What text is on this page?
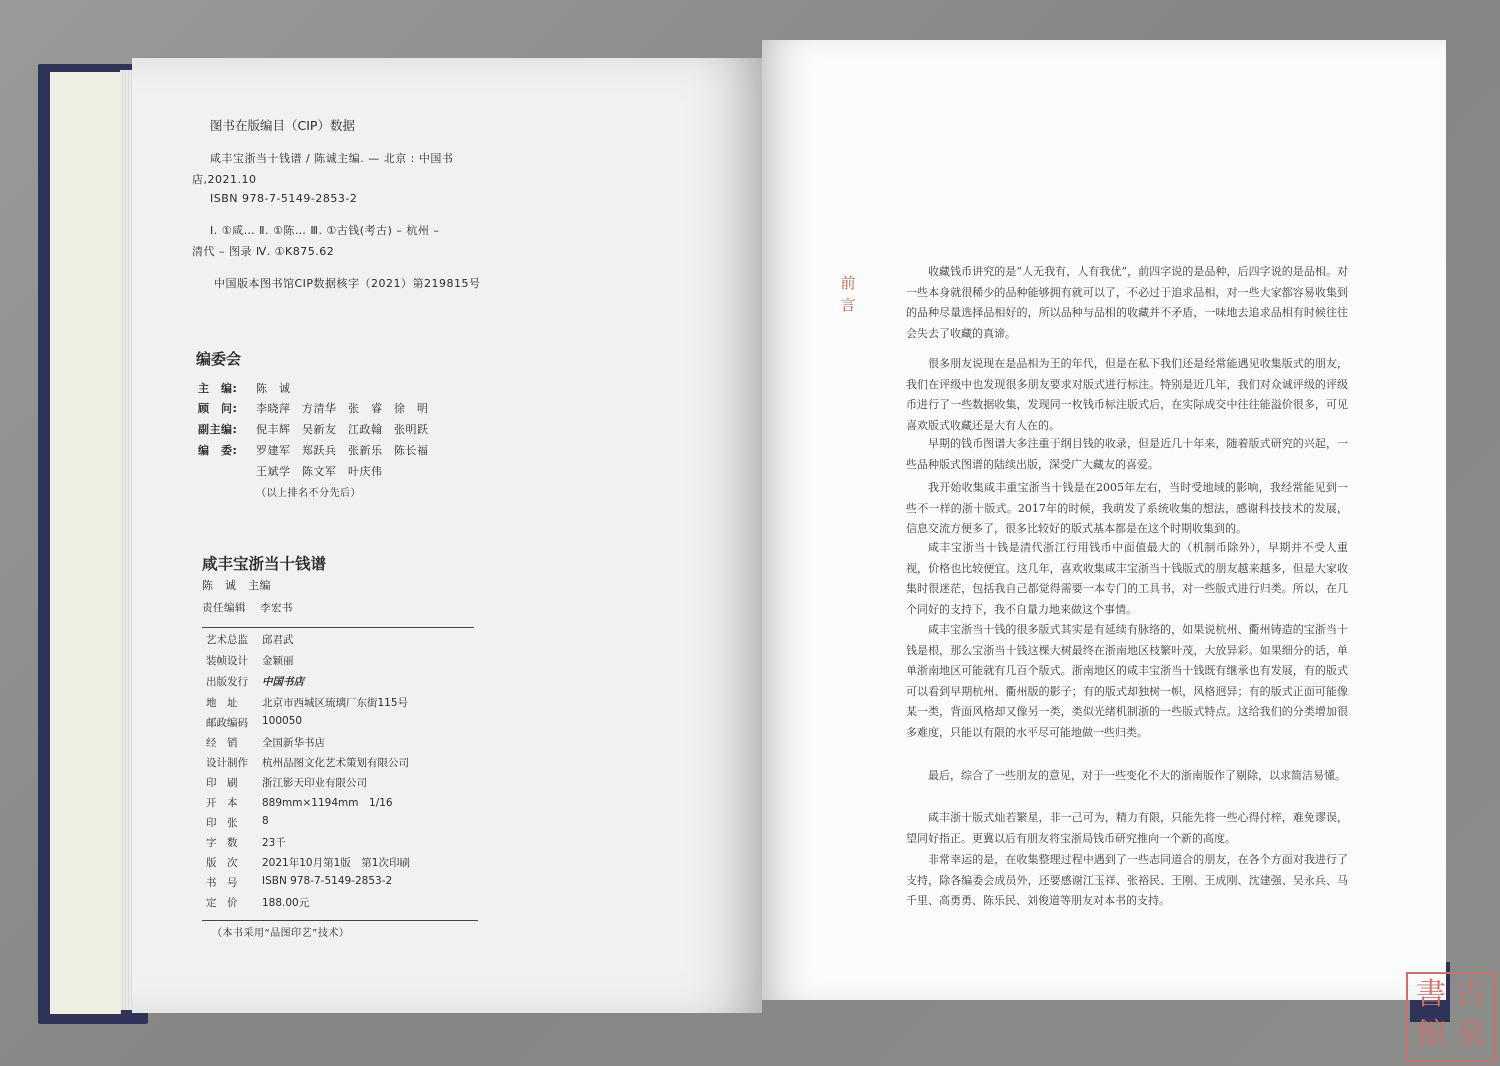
图书在版编目（CIP）数据
咸丰宝浙当十钱谱 / 陈诚主编. — 北京 : 中国书
店,2021.10
ISBN 978-7-5149-2853-2
Ⅰ. ①咸… Ⅱ. ①陈… Ⅲ. ①古钱(考古) – 杭州 –
清代 – 图录 Ⅳ. ①K875.62
中国版本图书馆CIP数据核字（2021）第219815号
编委会
主　编: 陈　诚
顾　问: 李晓萍　方清华　张　睿　徐　明
副主编: 倪丰辉　吴新友　江政翰　张明跃
编　委: 罗建军　郑跃兵　张新乐　陈长福
王斌学　陈文军　叶庆伟
（以上排名不分先后）
咸丰宝浙当十钱谱
陈　诚　主编
责任编辑 李宏书
艺术总监 邱君武
装帧设计 金颖丽
出版发行 中国书店
地　址 北京市西城区琉璃厂东街115号
邮政编码 100050
经　销 全国新华书店
设计制作 杭州品图文化艺术策划有限公司
印　刷 浙江影天印业有限公司
开　本 889mm×1194mm　1/16
印　张 8
字　数 23千
版　次 2021年10月第1版　第1次印刷
书　号 ISBN 978-7-5149-2853-2
定　价 188.00元
（本书采用“品图印艺”技术）
前言
收藏钱币讲究的是“人无我有，人有我优”，前四字说的是品种，后四字说的是品相。对一些本身就很稀少的品种能够拥有就可以了，不必过于追求品相，对一些大家都容易收集到的品种尽量选择品相好的，所以品种与品相的收藏并不矛盾，一味地去追求品相有时候往往会失去了收藏的真谛。
很多朋友说现在是品相为王的年代，但是在私下我们还是经常能遇见收集版式的朋友，我们在评级中也发现很多朋友要求对版式进行标注。特别是近几年，我们对众诚评级的评级币进行了一些数据收集，发现同一枚钱币标注版式后，在实际成交中往往能溢价很多，可见喜欢版式收藏还是大有人在的。
早期的钱币图谱大多注重于纲目钱的收录，但是近几十年来，随着版式研究的兴起，一些品种版式图谱的陆续出版，深受广大藏友的喜爱。
我开始收集咸丰重宝浙当十钱是在2005年左右，当时受地域的影响，我经常能见到一些不一样的浙十版式。2017年的时候，我萌发了系统收集的想法，感谢科技技术的发展，信息交流方便多了，很多比较好的版式基本都是在这个时期收集到的。
咸丰宝浙当十钱是清代浙江行用钱币中面值最大的（机制币除外），早期并不受人重视，价格也比较便宜。这几年，喜欢收集咸丰宝浙当十钱版式的朋友越来越多，但是大家收集时很迷茫，包括我自己都觉得需要一本专门的工具书，对一些版式进行归类。所以，在几个同好的支持下，我不自量力地来做这个事情。
咸丰宝浙当十钱的很多版式其实是有延续有脉络的，如果说杭州、衢州铸造的宝浙当十钱是根，那么宝浙当十钱这棵大树最终在浙南地区枝繁叶茂，大放异彩。如果细分的话，单单浙南地区可能就有几百个版式。浙南地区的咸丰宝浙当十钱既有继承也有发展，有的版式可以看到早期杭州、衢州版的影子；有的版式却独树一帜，风格迥异；有的版式正面可能像某一类，背面风格却又像另一类，类似光绪机制浙的一些版式特点。这给我们的分类增加很多难度，只能以有限的水平尽可能地做一些归类。
最后，综合了一些朋友的意见，对于一些变化不大的浙南版作了剔除，以求简洁易懂。
咸丰浙十版式灿若繁星，非一己可为，精力有限，只能先将一些心得付梓，难免谬误，望同好指正。更冀以后有朋友将宝浙局钱币研究推向一个新的高度。
非常幸运的是，在收集整理过程中遇到了一些志同道合的朋友，在各个方面对我进行了支持，除各编委会成员外，还要感谢江玉祥、张裕民、王刚、王成刚、沈建强、吴永兵、马千里、高勇勇、陈乐民、刘俊道等朋友对本书的支持。
古
泉
書
館
